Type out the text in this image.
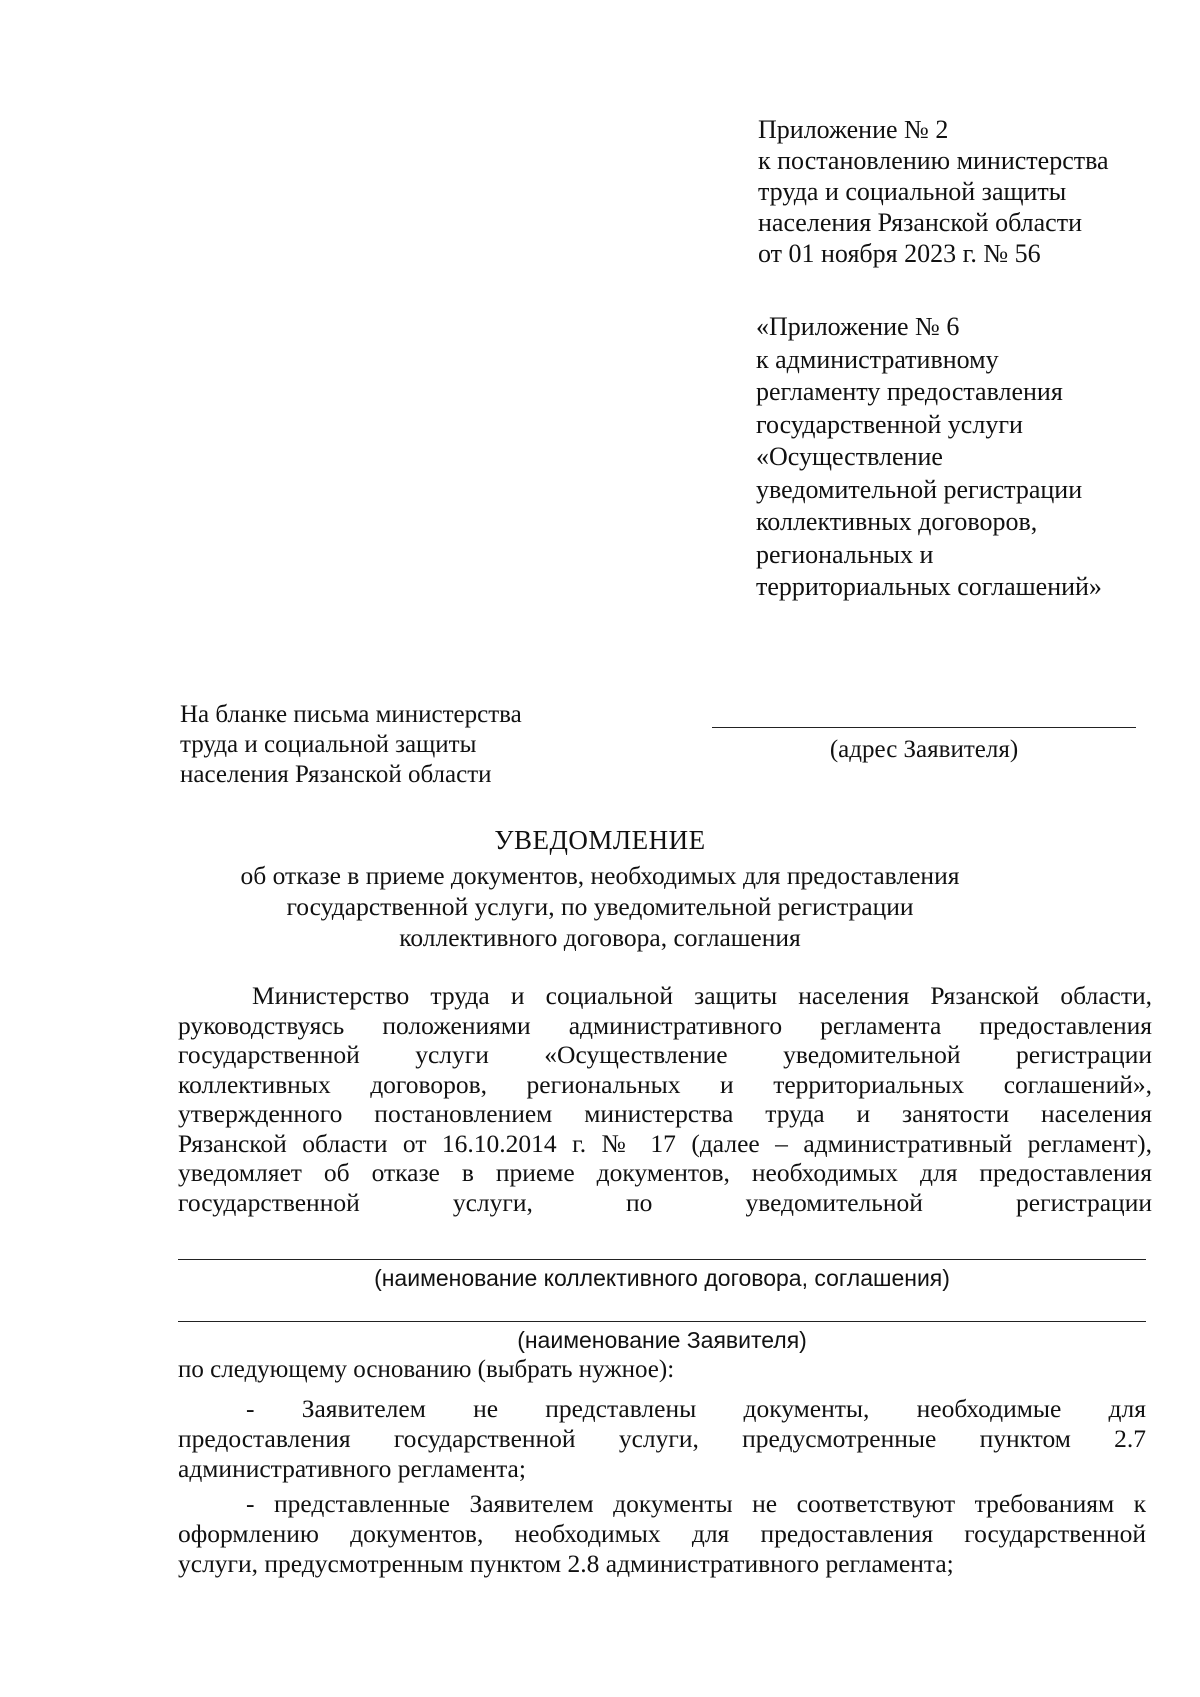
Приложение № 2
к постановлению министерства
труда и социальной защиты
населения Рязанской области
от 01 ноября 2023 г. № 56
«Приложение № 6
к административному
регламенту предоставления
государственной услуги
«Осуществление
уведомительной регистрации
коллективных договоров,
региональных и
территориальных соглашений»
На бланке письма министерства
труда и социальной защиты
населения Рязанской области
(адрес Заявителя)
УВЕДОМЛЕНИЕ
об отказе в приеме документов, необходимых для предоставления
государственной услуги, по уведомительной регистрации
коллективного договора, соглашения
Министерство труда и социальной защиты населения Рязанской области,
руководствуясь положениями административного регламента предоставления
государственной услуги «Осуществление уведомительной регистрации
коллективных договоров, региональных и территориальных соглашений»,
утвержденного постановлением министерства труда и занятости населения
Рязанской области от 16.10.2014 г. № 17 (далее – административный регламент),
уведомляет об отказе в приеме документов, необходимых для предоставления
государственной услуги, по уведомительной регистрации
(наименование коллективного договора, соглашения)
(наименование Заявителя)
по следующему основанию (выбрать нужное):
- Заявителем не представлены документы, необходимые для
предоставления государственной услуги, предусмотренные пунктом 2.7
административного регламента;
- представленные Заявителем документы не соответствуют требованиям к
оформлению документов, необходимых для предоставления государственной
услуги, предусмотренным пунктом 2.8 административного регламента;
